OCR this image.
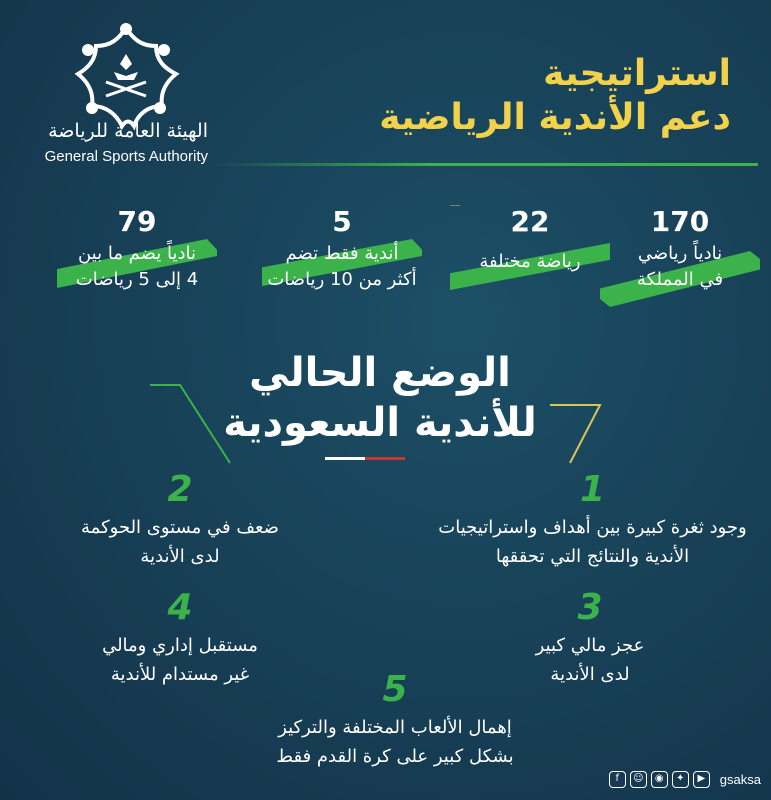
الهيئة العامة للرياضة
General Sports Authority
استراتيجية
دعم الأندية الرياضية
170
نادياً رياضي
في المملكة
22
رياضة مختلفة
5
أندية فقط تضم
أكثر من 10 رياضات
79
نادياً يضم ما بين
4 إلى 5 رياضات
الوضع الحالي
للأندية السعودية
1
وجود ثغرة كبيرة بين أهداف واستراتيجيات
الأندية والنتائج التي تحققها
2
ضعف في مستوى الحوكمة
لدى الأندية
3
عجز مالي كبير
لدى الأندية
4
مستقبل إداري ومالي
غير مستدام للأندية	5
إهمال الألعاب المختلفة والتركيز
بشكل كبير على كرة القدم فقط
f	☺	◉	✦	▶	gsaksa
